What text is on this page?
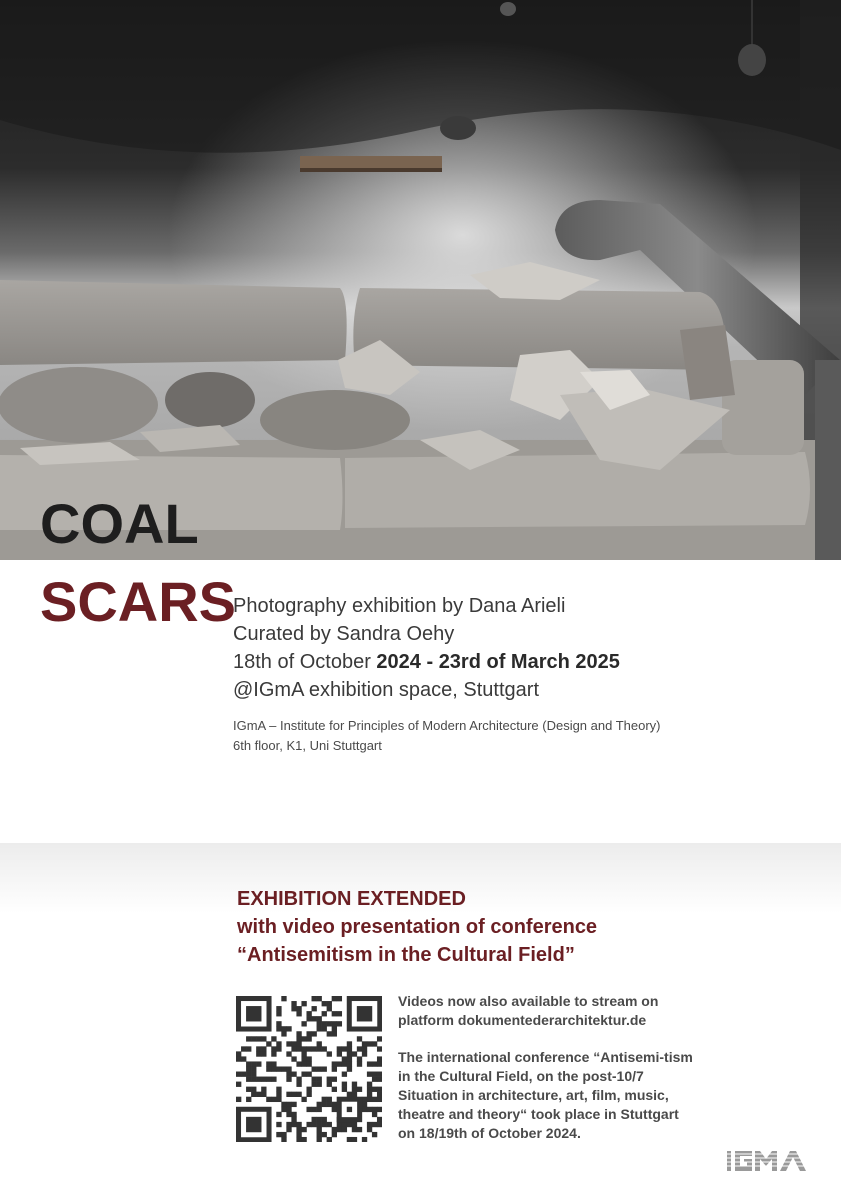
COAL
SCARS
Photography exhibition by Dana Arieli
Curated by Sandra Oehy
18th of October 2024 - 23rd of March 2025
@IGmA exhibition space, Stuttgart
IGmA – Institute for Principles of Modern Architecture (Design and Theory)
6th floor, K1, Uni Stuttgart
EXHIBITION EXTENDED
with video presentation of conference
“Antisemitism in the Cultural Field”

Videos now also available to stream on platform dokumentederarchitektur.de

The international conference “Antisemi-tism in the Cultural Field, on the post-10/7 Situation in architecture, art, film, music, theatre and theory“ took place in Stuttgart on 18/19th of October 2024.
